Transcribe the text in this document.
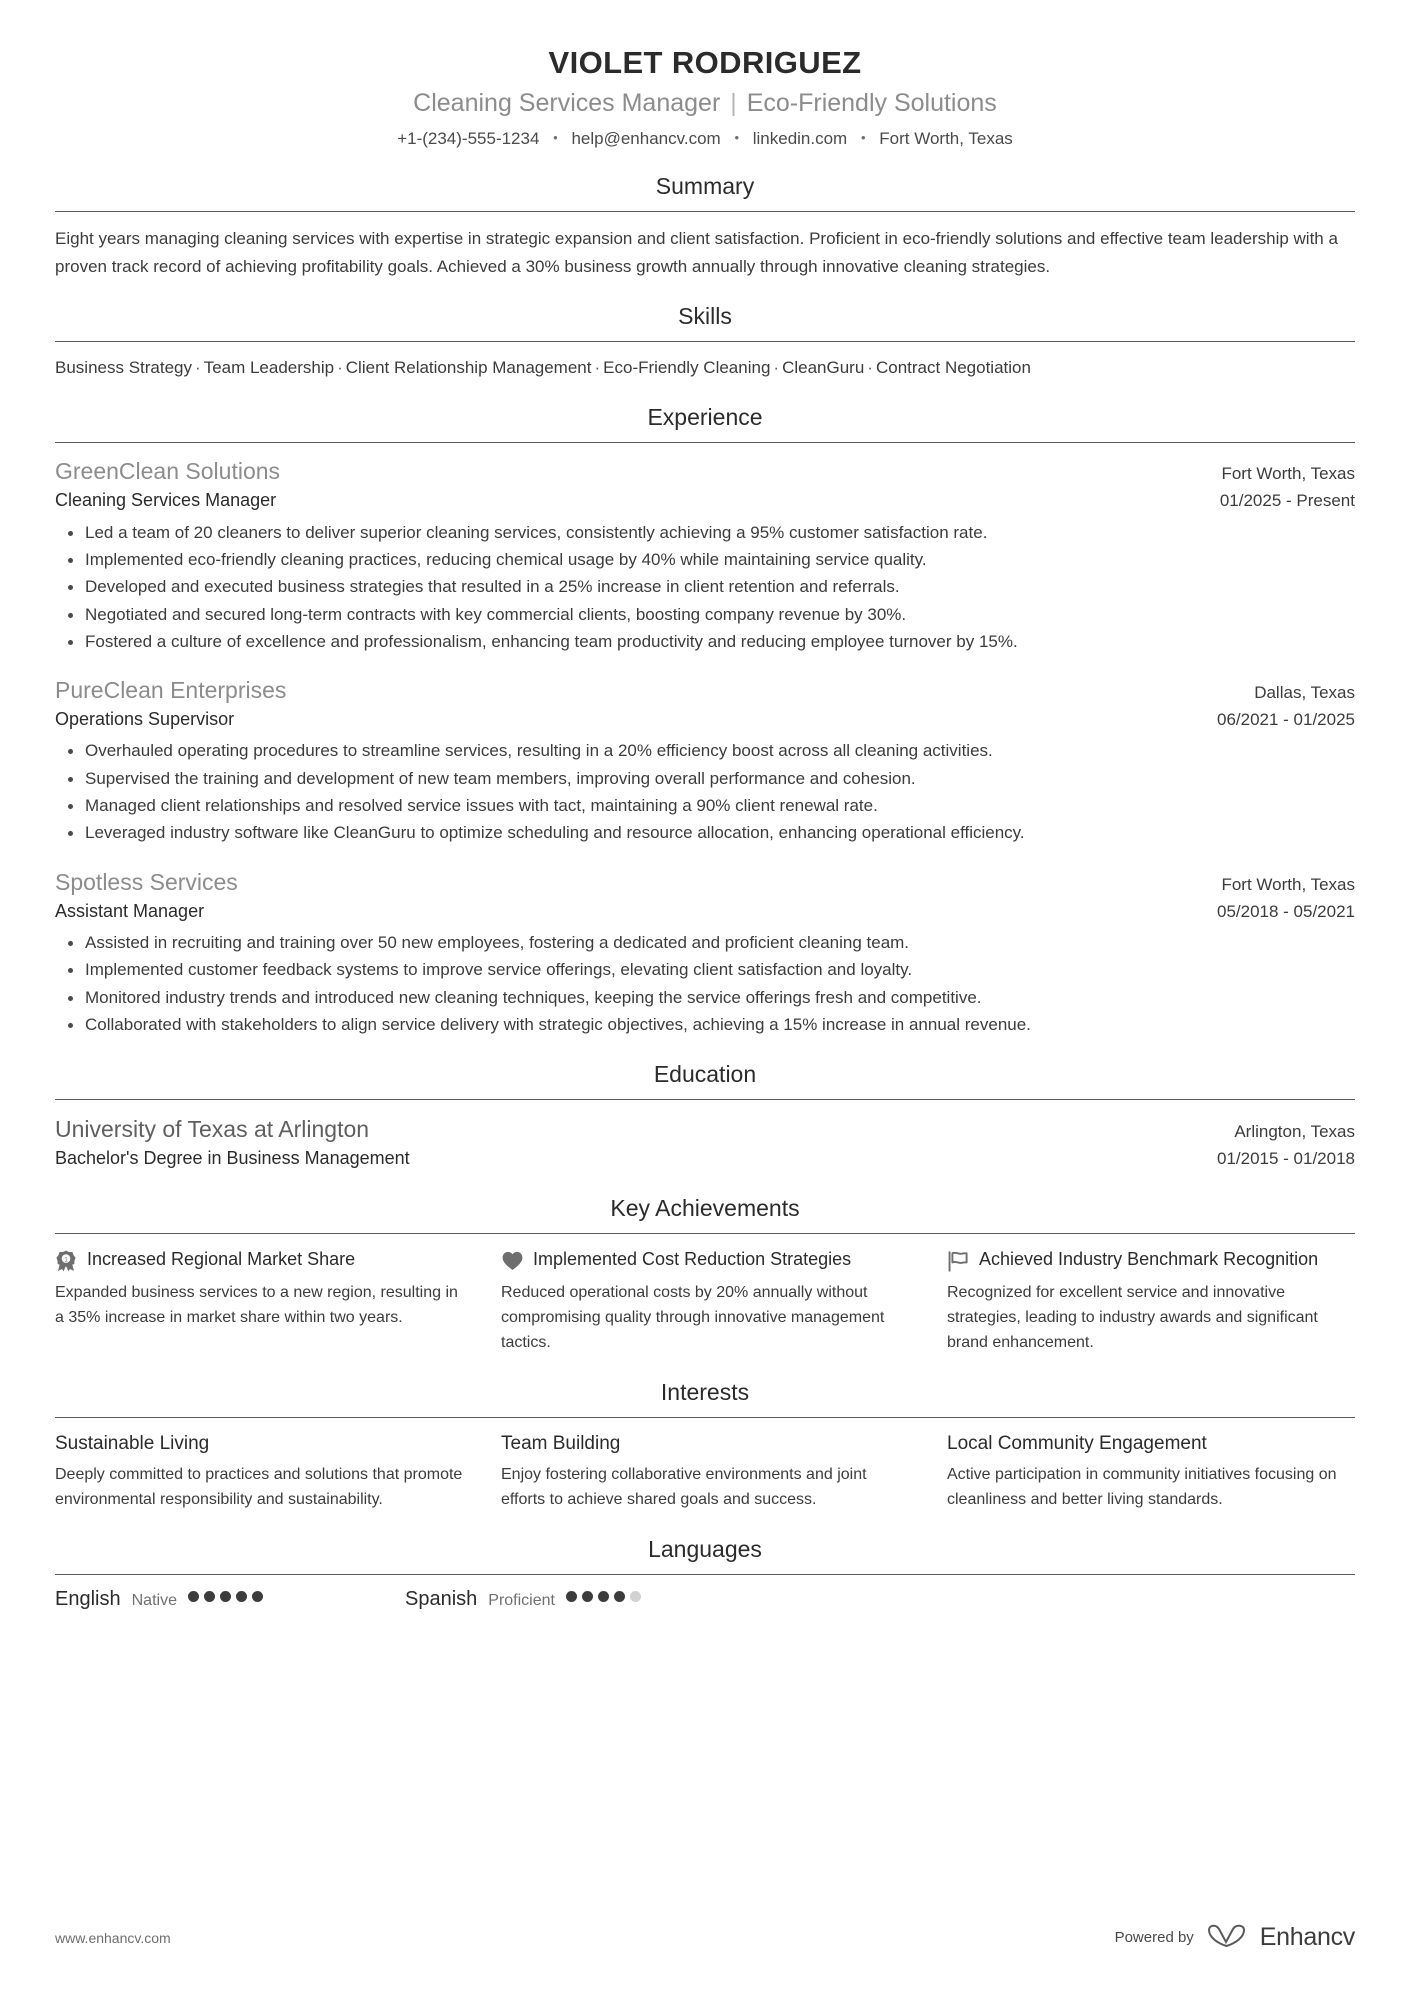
VIOLET RODRIGUEZ
Cleaning Services Manager | Eco-Friendly Solutions
+1-(234)-555-1234 • help@enhancv.com • linkedin.com • Fort Worth, Texas
Summary
Eight years managing cleaning services with expertise in strategic expansion and client satisfaction. Proficient in eco-friendly solutions and effective team leadership with a proven track record of achieving profitability goals. Achieved a 30% business growth annually through innovative cleaning strategies.
Skills
Business Strategy · Team Leadership · Client Relationship Management · Eco-Friendly Cleaning · CleanGuru · Contract Negotiation
Experience
GreenClean Solutions	Fort Worth, Texas
Cleaning Services Manager	01/2025 - Present
Led a team of 20 cleaners to deliver superior cleaning services, consistently achieving a 95% customer satisfaction rate.
Implemented eco-friendly cleaning practices, reducing chemical usage by 40% while maintaining service quality.
Developed and executed business strategies that resulted in a 25% increase in client retention and referrals.
Negotiated and secured long-term contracts with key commercial clients, boosting company revenue by 30%.
Fostered a culture of excellence and professionalism, enhancing team productivity and reducing employee turnover by 15%.
PureClean Enterprises	Dallas, Texas
Operations Supervisor	06/2021 - 01/2025
Overhauled operating procedures to streamline services, resulting in a 20% efficiency boost across all cleaning activities.
Supervised the training and development of new team members, improving overall performance and cohesion.
Managed client relationships and resolved service issues with tact, maintaining a 90% client renewal rate.
Leveraged industry software like CleanGuru to optimize scheduling and resource allocation, enhancing operational efficiency.
Spotless Services	Fort Worth, Texas
Assistant Manager	05/2018 - 05/2021
Assisted in recruiting and training over 50 new employees, fostering a dedicated and proficient cleaning team.
Implemented customer feedback systems to improve service offerings, elevating client satisfaction and loyalty.
Monitored industry trends and introduced new cleaning techniques, keeping the service offerings fresh and competitive.
Collaborated with stakeholders to align service delivery with strategic objectives, achieving a 15% increase in annual revenue.
Education
University of Texas at Arlington	Arlington, Texas
Bachelor's Degree in Business Management	01/2015 - 01/2018
Key Achievements
1 Increased Regional Market Share
Expanded business services to a new region, resulting in a 35% increase in market share within two years.
Implemented Cost Reduction Strategies
Reduced operational costs by 20% annually without compromising quality through innovative management tactics.
Achieved Industry Benchmark Recognition
Recognized for excellent service and innovative strategies, leading to industry awards and significant brand enhancement.
Interests
Sustainable Living
Deeply committed to practices and solutions that promote environmental responsibility and sustainability.
Team Building
Enjoy fostering collaborative environments and joint efforts to achieve shared goals and success.
Local Community Engagement
Active participation in community initiatives focusing on cleanliness and better living standards.
Languages
English Native	Spanish Proficient
www.enhancv.com	Powered by	Enhancv
